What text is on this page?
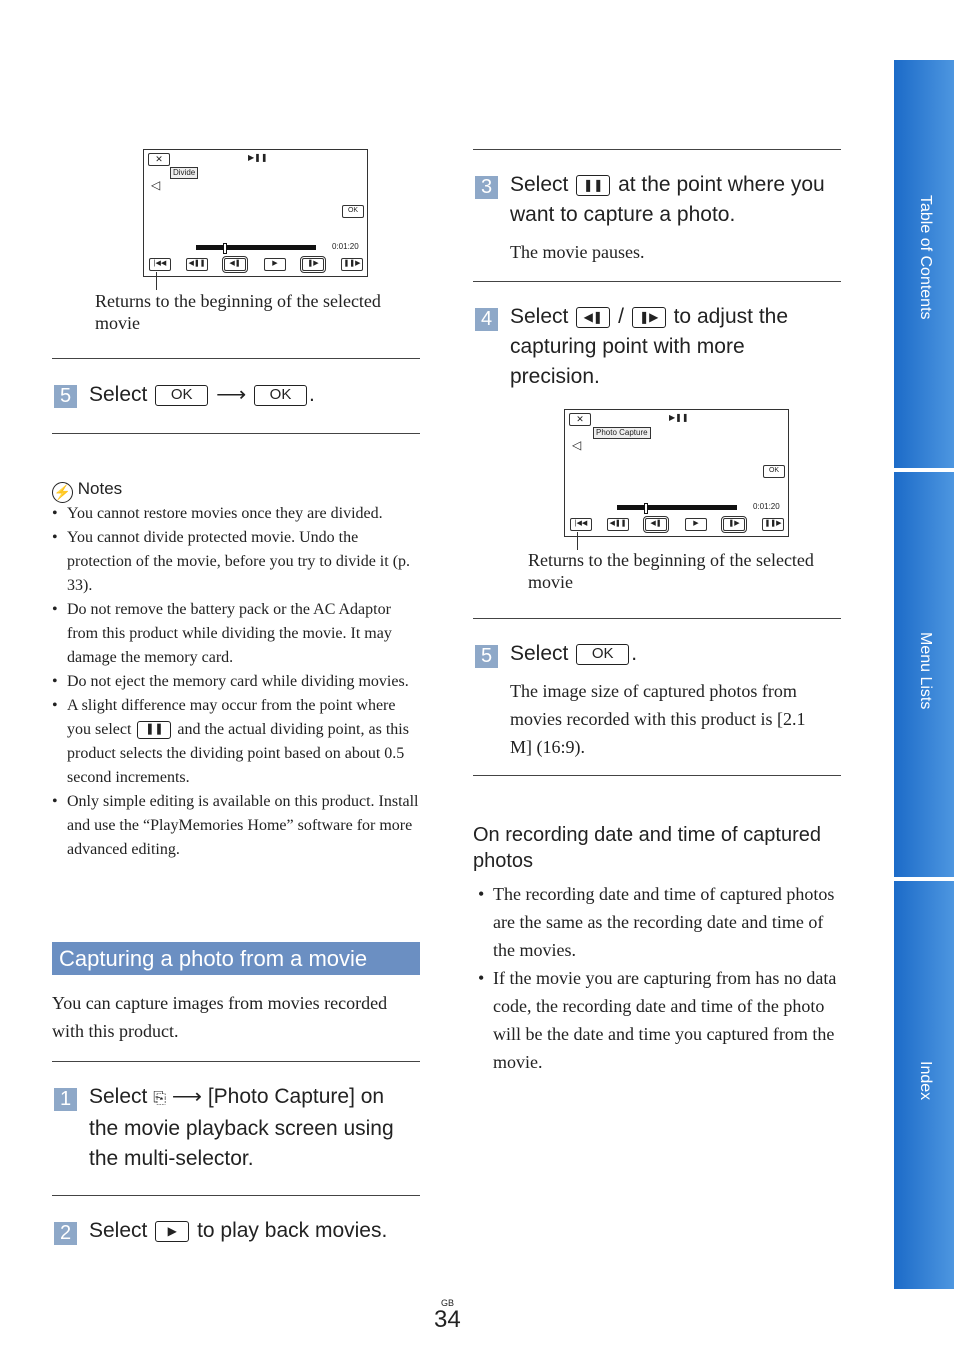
Table of Contents
Menu Lists
Index
✕
Divide
▶❚❚
◁
OK
0:01:20
|◀◀	◀❚❚	◀❚	▶	❚▶	❚❚▶
Returns to the beginning of the selected movie
5 Select OK ⟶ OK .
⚡ Notes
• You cannot restore movies once they are divided.
• You cannot divide protected movie. Undo the protection of the movie, before you try to divide it (p. 33).
• Do not remove the battery pack or the AC Adaptor from this product while dividing the movie. It may damage the memory card.
• Do not eject the memory card while dividing movies.
• A slight difference may occur from the point where you select ❚❚ and the actual dividing point, as this product selects the dividing point based on about 0.5 second increments.
• Only simple editing is available on this product. Install and use the “PlayMemories Home” software for more advanced editing.
Capturing a photo from a movie
You can capture images from movies recorded with this product.
1 Select ⎘ ⟶ [Photo Capture] on the movie playback screen using the multi-selector.
2 Select ▶ to play back movies.
3 Select ❚❚ at the point where you want to capture a photo.
The movie pauses.
4 Select ◀❚ / ❚▶ to adjust the capturing point with more precision.
✕
Photo Capture
▶❚❚
◁
OK
0:01:20
|◀◀	◀❚❚	◀❚	▶	❚▶	❚❚▶
Returns to the beginning of the selected movie
5 Select OK .
The image size of captured photos from movies recorded with this product is [2.1 M] (16:9).
On recording date and time of captured photos
• The recording date and time of captured photos are the same as the recording date and time of the movies.
• If the movie you are capturing from has no data code, the recording date and time of the photo will be the date and time you captured from the movie.
GB
34
